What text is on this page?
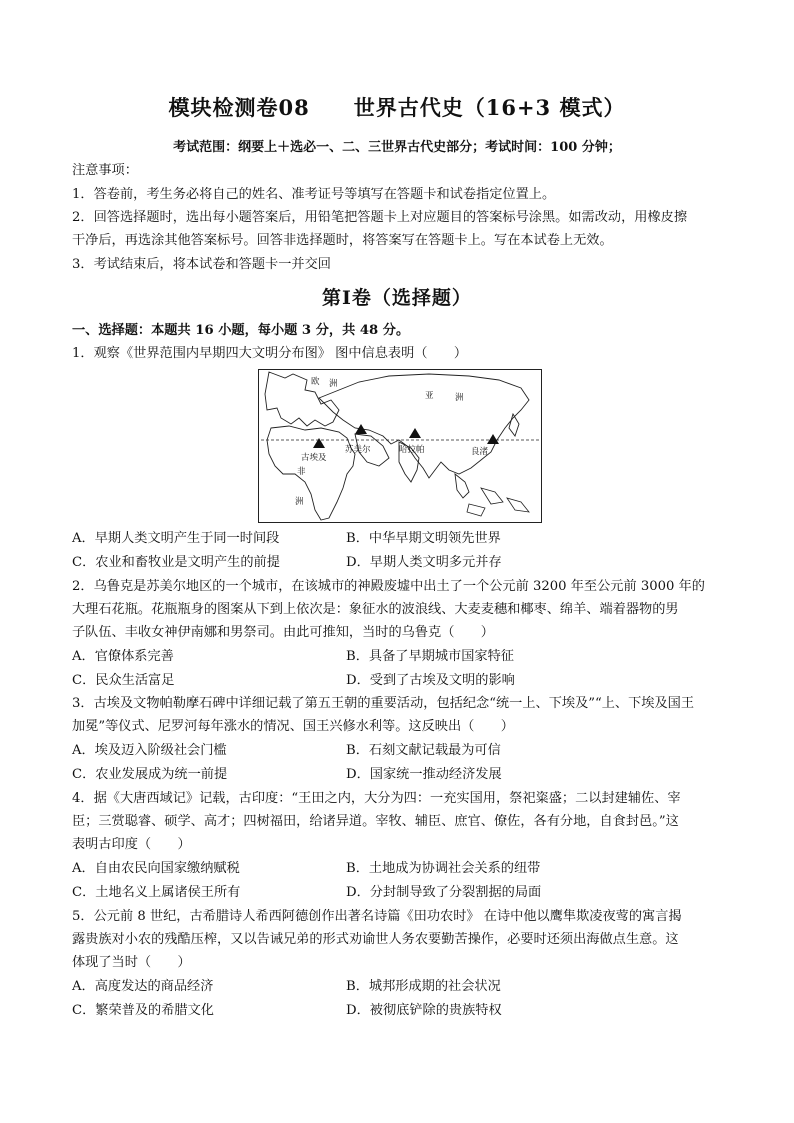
模块检测卷08　　世界古代史（16+3 模式）
考试范围：纲要上＋选必一、二、三世界古代史部分；考试时间：100 分钟；
注意事项：
1．答卷前，考生务必将自己的姓名、准考证号等填写在答题卡和试卷指定位置上。
2．回答选择题时，选出每小题答案后，用铅笔把答题卡上对应题目的答案标号涂黑。如需改动，用橡皮擦
干净后，再选涂其他答案标号。回答非选择题时，将答案写在答题卡上。写在本试卷上无效。
3．考试结束后，将本试卷和答题卡一并交回
第Ⅰ卷（选择题）
一、选择题：本题共 16 小题，每小题 3 分，共 48 分。
1．观察《世界范围内早期四大文明分布图》 图中信息表明（　　）
欧 洲
亚	洲
古埃及
苏美尔	哈拉帕	良渚
非
洲
A．早期人类文明产生于同一时间段	B．中华早期文明领先世界
C．农业和畜牧业是文明产生的前提	D．早期人类文明多元并存
2．乌鲁克是苏美尔地区的一个城市，在该城市的神殿废墟中出土了一个公元前 3200 年至公元前 3000 年的
大理石花瓶。花瓶瓶身的图案从下到上依次是：象征水的波浪线、大麦麦穗和椰枣、绵羊、端着器物的男
子队伍、丰收女神伊南娜和男祭司。由此可推知，当时的乌鲁克（　　）
A．官僚体系完善	B．具备了早期城市国家特征
C．民众生活富足	D．受到了古埃及文明的影响
3．古埃及文物帕勒摩石碑中详细记载了第五王朝的重要活动，包括纪念“统一上、下埃及”“上、下埃及国王
加冕”等仪式、尼罗河每年涨水的情况、国王兴修水利等。这反映出（　　）
A．埃及迈入阶级社会门槛	B．石刻文献记载最为可信
C．农业发展成为统一前提	D．国家统一推动经济发展
4．据《大唐西域记》记载，古印度：“王田之内，大分为四：一充实国用，祭祀粢盛；二以封建辅佐、宰
臣；三赏聪睿、硕学、高才；四树福田，给诸异道。宰牧、辅臣、庶官、僚佐，各有分地，自食封邑。”这
表明古印度（　　）
A．自由农民向国家缴纳赋税	B．土地成为协调社会关系的纽带
C．土地名义上属诸侯王所有	D．分封制导致了分裂割据的局面
5．公元前 8 世纪，古希腊诗人希西阿德创作出著名诗篇《田功农时》 在诗中他以鹰隼欺凌夜莺的寓言揭
露贵族对小农的残酷压榨，又以告诫兄弟的形式劝谕世人务农要勤苦操作，必要时还须出海做点生意。这
体现了当时（　　）
A．高度发达的商品经济	B．城邦形成期的社会状况
C．繁荣普及的希腊文化	D．被彻底铲除的贵族特权
